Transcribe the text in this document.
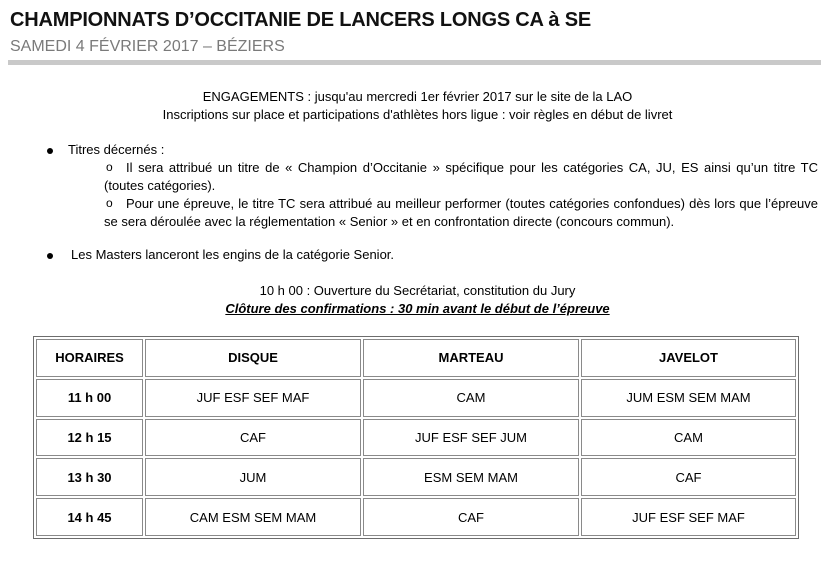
CHAMPIONNATS D’OCCITANIE DE LANCERS LONGS CA à SE
SAMEDI 4 FÉVRIER 2017 – BÉZIERS
ENGAGEMENTS : jusqu'au mercredi 1er février 2017 sur le site de la LAO
Inscriptions sur place et participations d'athlètes hors ligue : voir règles en début de livret
Titres décernés :
o	Il sera attribué un titre de « Champion d’Occitanie » spécifique pour les catégories CA, JU, ES ainsi qu’un titre TC (toutes catégories).
o	Pour une épreuve, le titre TC sera attribué au meilleur performer (toutes catégories confondues) dès lors que l’épreuve se sera déroulée avec la réglementation « Senior » et en confrontation directe (concours commun).
Les Masters lanceront les engins de la catégorie Senior.
10 h 00 : Ouverture du Secrétariat, constitution du Jury
Clôture des confirmations : 30 min avant le début de l’épreuve
HORAIRES	DISQUE	MARTEAU	JAVELOT
11 h 00	JUF ESF SEF MAF	CAM	JUM ESM SEM MAM
12 h 15	CAF	JUF ESF SEF JUM	CAM
13 h 30	JUM	ESM SEM MAM	CAF
14 h 45	CAM ESM SEM MAM	CAF	JUF ESF SEF MAF
